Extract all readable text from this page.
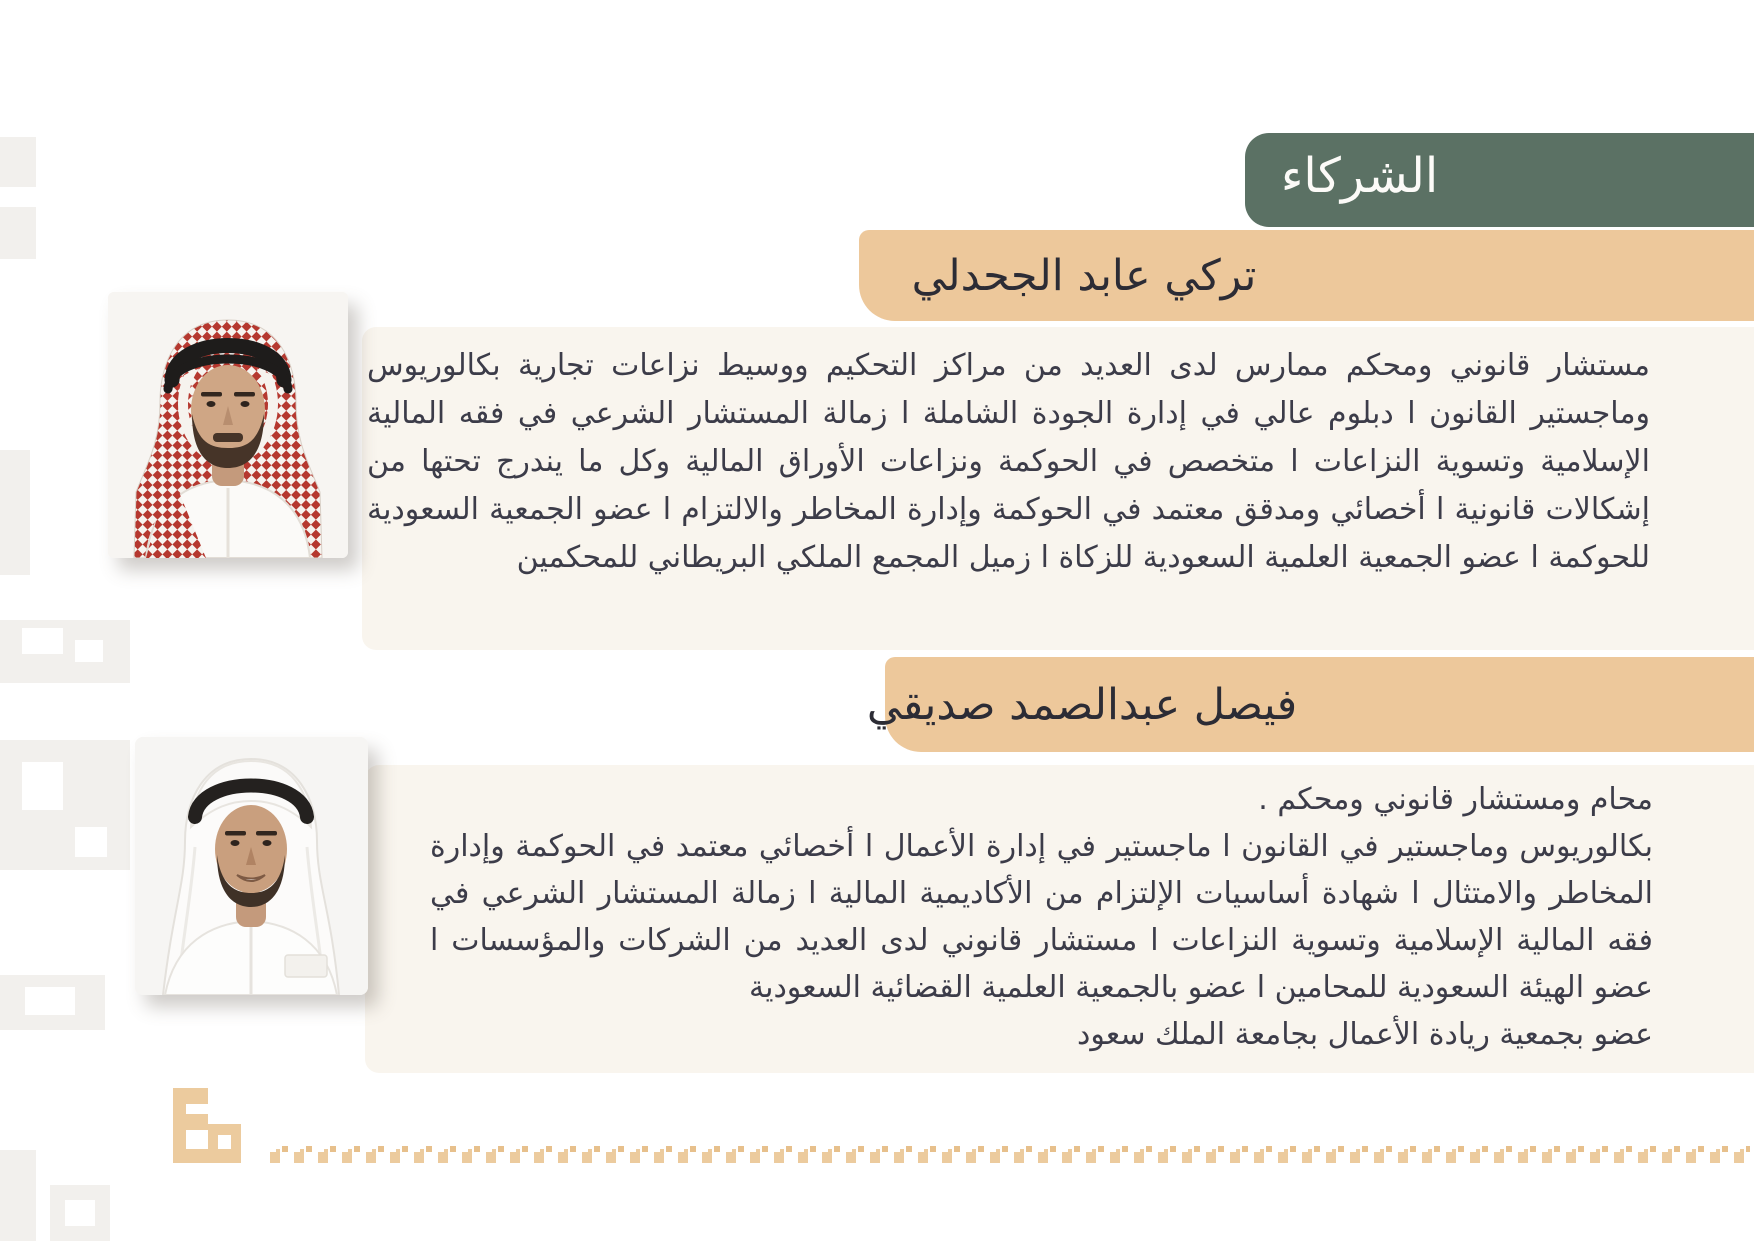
الشركاء
تركي عابد الجحدلي
مستشار قانوني ومحكم ممارس لدى العديد من مراكز التحكيم ووسيط نزاعات تجارية بكالوريوس وماجستير القانون ا دبلوم عالي في إدارة الجودة الشاملة ا زمالة المستشار الشرعي في فقه المالية الإسلامية وتسوية النزاعات ا متخصص في الحوكمة ونزاعات الأوراق المالية وكل ما يندرج تحتها من إشكالات قانونية ا أخصائي ومدقق معتمد في الحوكمة وإدارة المخاطر والالتزام ا عضو الجمعية السعودية للحوكمة ا عضو الجمعية العلمية السعودية للزكاة ا زميل المجمع الملكي البريطاني للمحكمين
فيصل عبدالصمد صديقي
محام ومستشار قانوني ومحكم .
بكالوريوس وماجستير في القانون ا ماجستير في إدارة الأعمال ا أخصائي معتمد في الحوكمة وإدارة المخاطر والامتثال ا شهادة أساسيات الإلتزام من الأكاديمية المالية ا زمالة المستشار الشرعي في فقه المالية الإسلامية وتسوية النزاعات ا مستشار قانوني لدى العديد من الشركات والمؤسسات ا عضو الهيئة السعودية للمحامين ا عضو بالجمعية العلمية القضائية السعودية
عضو بجمعية ريادة الأعمال بجامعة الملك سعود
